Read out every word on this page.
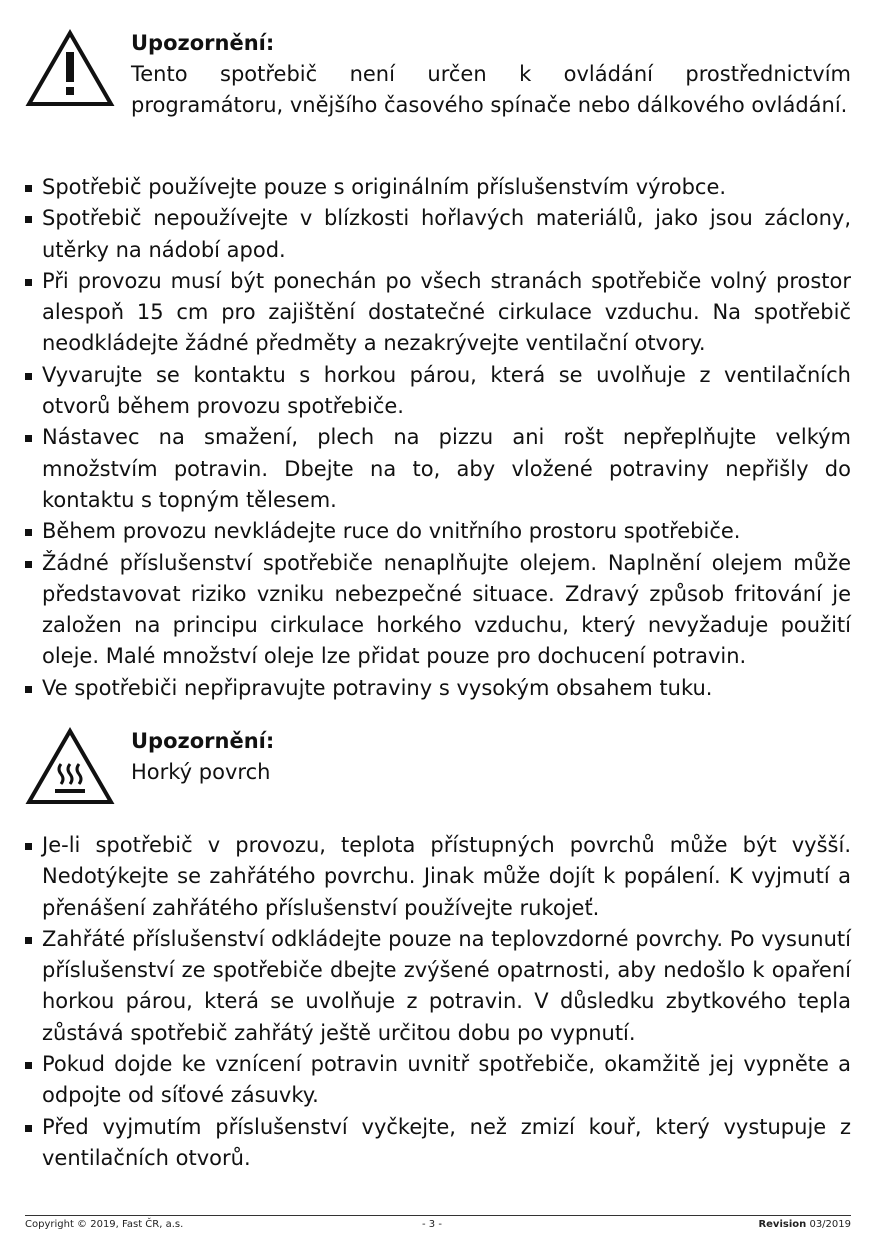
Upozornění:
Tento spotřebič není určen k ovládání prostřednictvím programátoru, vnějšího časového spínače nebo dálkového ovládání.
Spotřebič používejte pouze s originálním příslušenstvím výrobce.
Spotřebič nepoužívejte v blízkosti hořlavých materiálů, jako jsou záclony, utěrky na nádobí apod.
Při provozu musí být ponechán po všech stranách spotřebiče volný prostor alespoň 15 cm pro zajištění dostatečné cirkulace vzduchu. Na spotřebič neodkládejte žádné předměty a nezakrývejte ventilační otvory.
Vyvarujte se kontaktu s horkou párou, která se uvolňuje z ventilačních otvorů během provozu spotřebiče.
Nástavec na smažení, plech na pizzu ani rošt nepřeplňujte velkým množstvím potravin. Dbejte na to, aby vložené potraviny nepřišly do kontaktu s topným tělesem.
Během provozu nevkládejte ruce do vnitřního prostoru spotřebiče.
Žádné příslušenství spotřebiče nenaplňujte olejem. Naplnění olejem může představovat riziko vzniku nebezpečné situace. Zdravý způsob fritování je založen na principu cirkulace horkého vzduchu, který nevyžaduje použití oleje. Malé množství oleje lze přidat pouze pro dochucení potravin.
Ve spotřebiči nepřipravujte potraviny s vysokým obsahem tuku.
Upozornění:
Horký povrch
Je-li spotřebič v provozu, teplota přístupných povrchů může být vyšší. Nedotýkejte se zahřátého povrchu. Jinak může dojít k popálení. K vyjmutí a přenášení zahřátého příslušenství používejte rukojeť.
Zahřáté příslušenství odkládejte pouze na teplovzdorné povrchy. Po vysunutí příslušenství ze spotřebiče dbejte zvýšené opatrnosti, aby nedošlo k opaření horkou párou, která se uvolňuje z potravin. V důsledku zbytkového tepla zůstává spotřebič zahřátý ještě určitou dobu po vypnutí.
Pokud dojde ke vznícení potravin uvnitř spotřebiče, okamžitě jej vypněte a odpojte od síťové zásuvky.
Před vyjmutím příslušenství vyčkejte, než zmizí kouř, který vystupuje z ventilačních otvorů.
Copyright © 2019, Fast ČR, a.s.	- 3 -	Revision 03/2019
